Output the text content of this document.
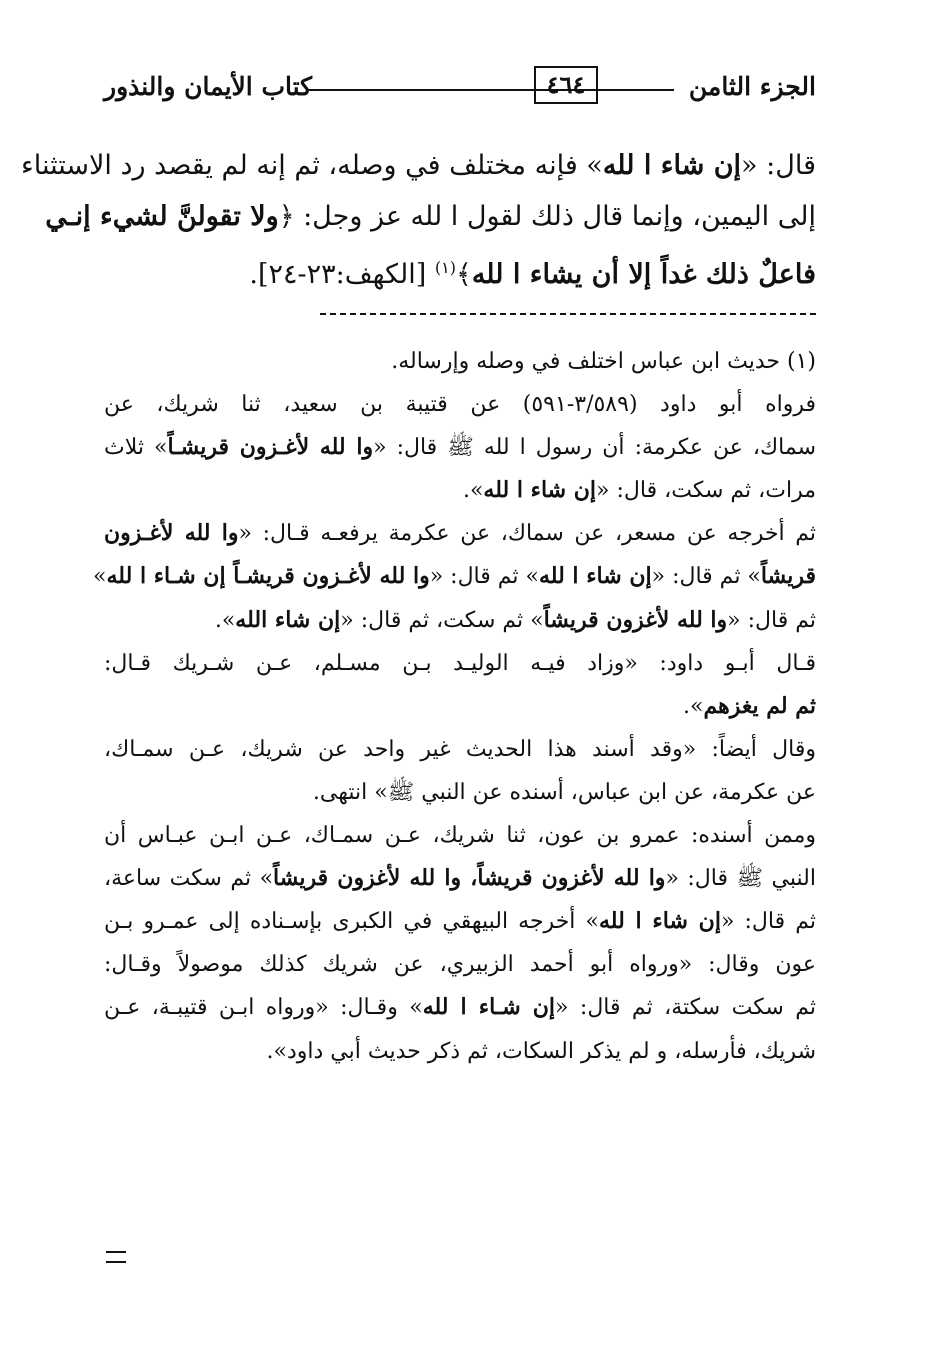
الجزء الثامن
٤٦٤
كتاب الأيمان والنذور
قال: «إن شاء ا لله» فإنه مختلف في وصله، ثم إنه لم يقصد رد الاستثناء
إلى اليمين، وإنما قال ذلك لقول ا لله عز وجل: ﴿ولا تقولنَّ لشيء إنـي
فاعلٌ ذلك غداً إلا أن يشاء ا لله﴾$^{(١)}$ [الكهف:٢٣-٢٤].
(١) حديث ابن عباس اختلف في وصله وإرساله.
فرواه أبو داود (٣/٥٨٩-٥٩١) عن قتيبة بن سعيد، ثنا شريك، عن
سماك، عن عكرمة: أن رسول ا لله ﷺ قال: «وا لله لأغـزون قريشـاً» ثلاث
مرات، ثم سكت، قال: «إن شاء ا لله».
ثم أخرجه عن مسعر، عن سماك، عن عكرمة يرفعـه قـال: «وا لله لأغـزون
قريشاً» ثم قال: «إن شاء ا لله» ثم قال: «وا لله لأغـزون قريشـاً إن شـاء ا لله»
ثم قال: «وا لله لأغزون قريشاً» ثم سكت، ثم قال: «إن شاء الله».
قـال أبـو داود: «وزاد فيـه الوليـد بـن مسـلم، عـن شـريك قـال:
ثم لم يغزهم».
وقال أيضاً: «وقد أسند هذا الحديث غير واحد عن شريك، عـن سمـاك،
عن عكرمة، عن ابن عباس، أسنده عن النبي ﷺ» انتهى.
وممن أسنده: عمرو بن عون، ثنا شريك، عـن سمـاك، عـن ابـن عبـاس أن
النبي ﷺ قال: «وا لله لأغزون قريشاً، وا لله لأغزون قريشاً» ثم سكت ساعة،
ثم قال: «إن شاء ا لله» أخرجه البيهقي في الكبرى بإسـناده إلى عمـرو بـن
عون وقال: «ورواه أبو أحمد الزبيري، عن شريك كذلك موصولاً وقـال:
ثم سكت سكتة، ثم قال: «إن شـاء ا لله» وقـال: «ورواه ابـن قتيبـة، عـن
شريك، فأرسله، و لم يذكر السكات، ثم ذكر حديث أبي داود».
